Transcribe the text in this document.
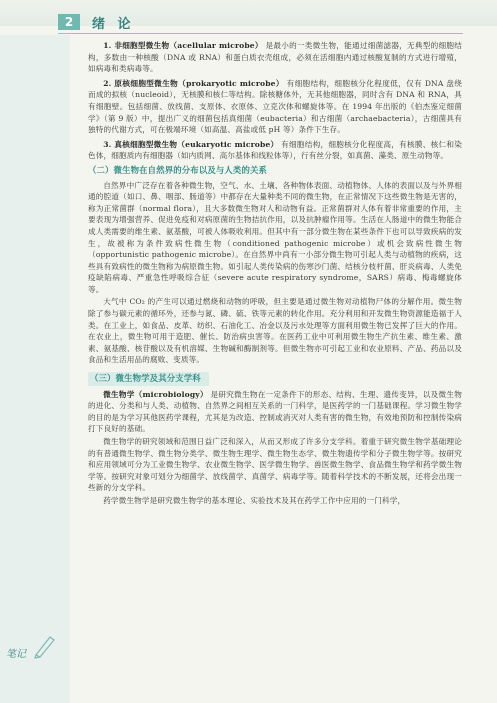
2	绪 论
笔记

1. 非细胞型微生物（acellular microbe） 是最小的一类微生物，能通过细菌滤器，无典型的细胞结构，多数由一种核酸（DNA 或 RNA）和蛋白质衣壳组成，必须在活细胞内通过核酸复制的方式进行增殖，如病毒和类病毒等。

2. 原核细胞型微生物（prokaryotic microbe） 有细胞结构，细胞核分化程度低，仅有 DNA 盘绕而成的拟核（nucleoid），无核膜和核仁等结构。除核糖体外，无其他细胞器，同时含有 DNA 和 RNA，具有细胞壁。包括细菌、放线菌、支原体、衣原体、立克次体和螺旋体等。在 1994 年出版的《伯杰鉴定细菌学》（第 9 版）中，提出广义的细菌包括真细菌（eubacteria）和古细菌（archaebacteria），古细菌具有独特的代谢方式，可在极端环境（如高温、高盐或低 pH 等）条件下生存。

3. 真核细胞型微生物（eukaryotic microbe） 有细胞结构，细胞核分化程度高，有核膜、核仁和染色体，细胞质内有细胞器（如内质网、高尔基体和线粒体等），行有丝分裂，如真菌、藻类、原生动物等。

（二）微生物在自然界的分布以及与人类的关系

自然界中广泛存在着各种微生物，空气、水、土壤、各种物体表面、动植物体、人体的表面以及与外界相通的腔道（如口、鼻、咽部、肠道等）中都存在大量种类不同的微生物，在正常情况下这些微生物是无害的，称为正常菌群（normal flora），且大多数微生物对人和动物有益。正常菌群对人体有着非常重要的作用，主要表现为增强营养、促进免疫和对病原菌的生物拮抗作用，以及抗肿瘤作用等。生活在人肠道中的微生物能合成人类需要的维生素、氨基酸，可被人体吸收利用。但其中有一部分微生物在某些条件下也可以导致疾病的发生，故被称为条件致病性微生物（conditioned pathogenic microbe）或机会致病性微生物（opportunistic pathogenic microbe）。在自然界中尚有一小部分微生物可引起人类与动植物的疾病，这些具有致病性的微生物称为病原微生物。如引起人类传染病的伤寒沙门菌、结核分枝杆菌、肝炎病毒、人类免疫缺陷病毒、严重急性呼吸综合征（severe acute respiratory syndrome，SARS）病毒、梅毒螺旋体等。

大气中 CO₂ 的产生可以通过燃烧和动物的呼吸，但主要是通过微生物对动植物尸体的分解作用。微生物除了参与碳元素的循环外，还参与氮、磷、硫、铁等元素的转化作用。充分利用和开发微生物资源能造福于人类。在工业上，如食品、皮革、纺织、石油化工、冶金以及污水处理等方面利用微生物已发挥了巨大的作用。在农业上，微生物可用于造肥、催长、防治病虫害等。在医药工业中可利用微生物生产抗生素、维生素、激素、氨基酸、核苷酸以及有机溶媒、生物碱和酶制剂等。但微生物亦可引起工业和农业原料、产品、药品以及食品和生活用品的腐败、变质等。

（三）微生物学及其分支学科

微生物学（microbiology） 是研究微生物在一定条件下的形态、结构、生理、遗传变异，以及微生物的进化、分类和与人类、动植物、自然界之间相互关系的一门科学，是医药学的一门基础课程。学习微生物学的目的是为学习其他医药学课程，尤其是为改造、控制或消灭对人类有害的微生物，有效地预防和控制传染病打下良好的基础。

微生物学的研究领域和范围日益广泛和深入，从而又形成了许多分支学科。着重于研究微生物学基础理论的有普通微生物学、微生物分类学、微生物生理学、微生物生态学、微生物遗传学和分子微生物学等。按研究和应用领域可分为工业微生物学、农业微生物学、医学微生物学、兽医微生物学、食品微生物学和药学微生物学等。按研究对象可划分为细菌学、放线菌学、真菌学、病毒学等。随着科学技术的不断发展，还将会出现一些新的分支学科。

药学微生物学是研究微生物学的基本理论、实验技术及其在药学工作中应用的一门科学，
